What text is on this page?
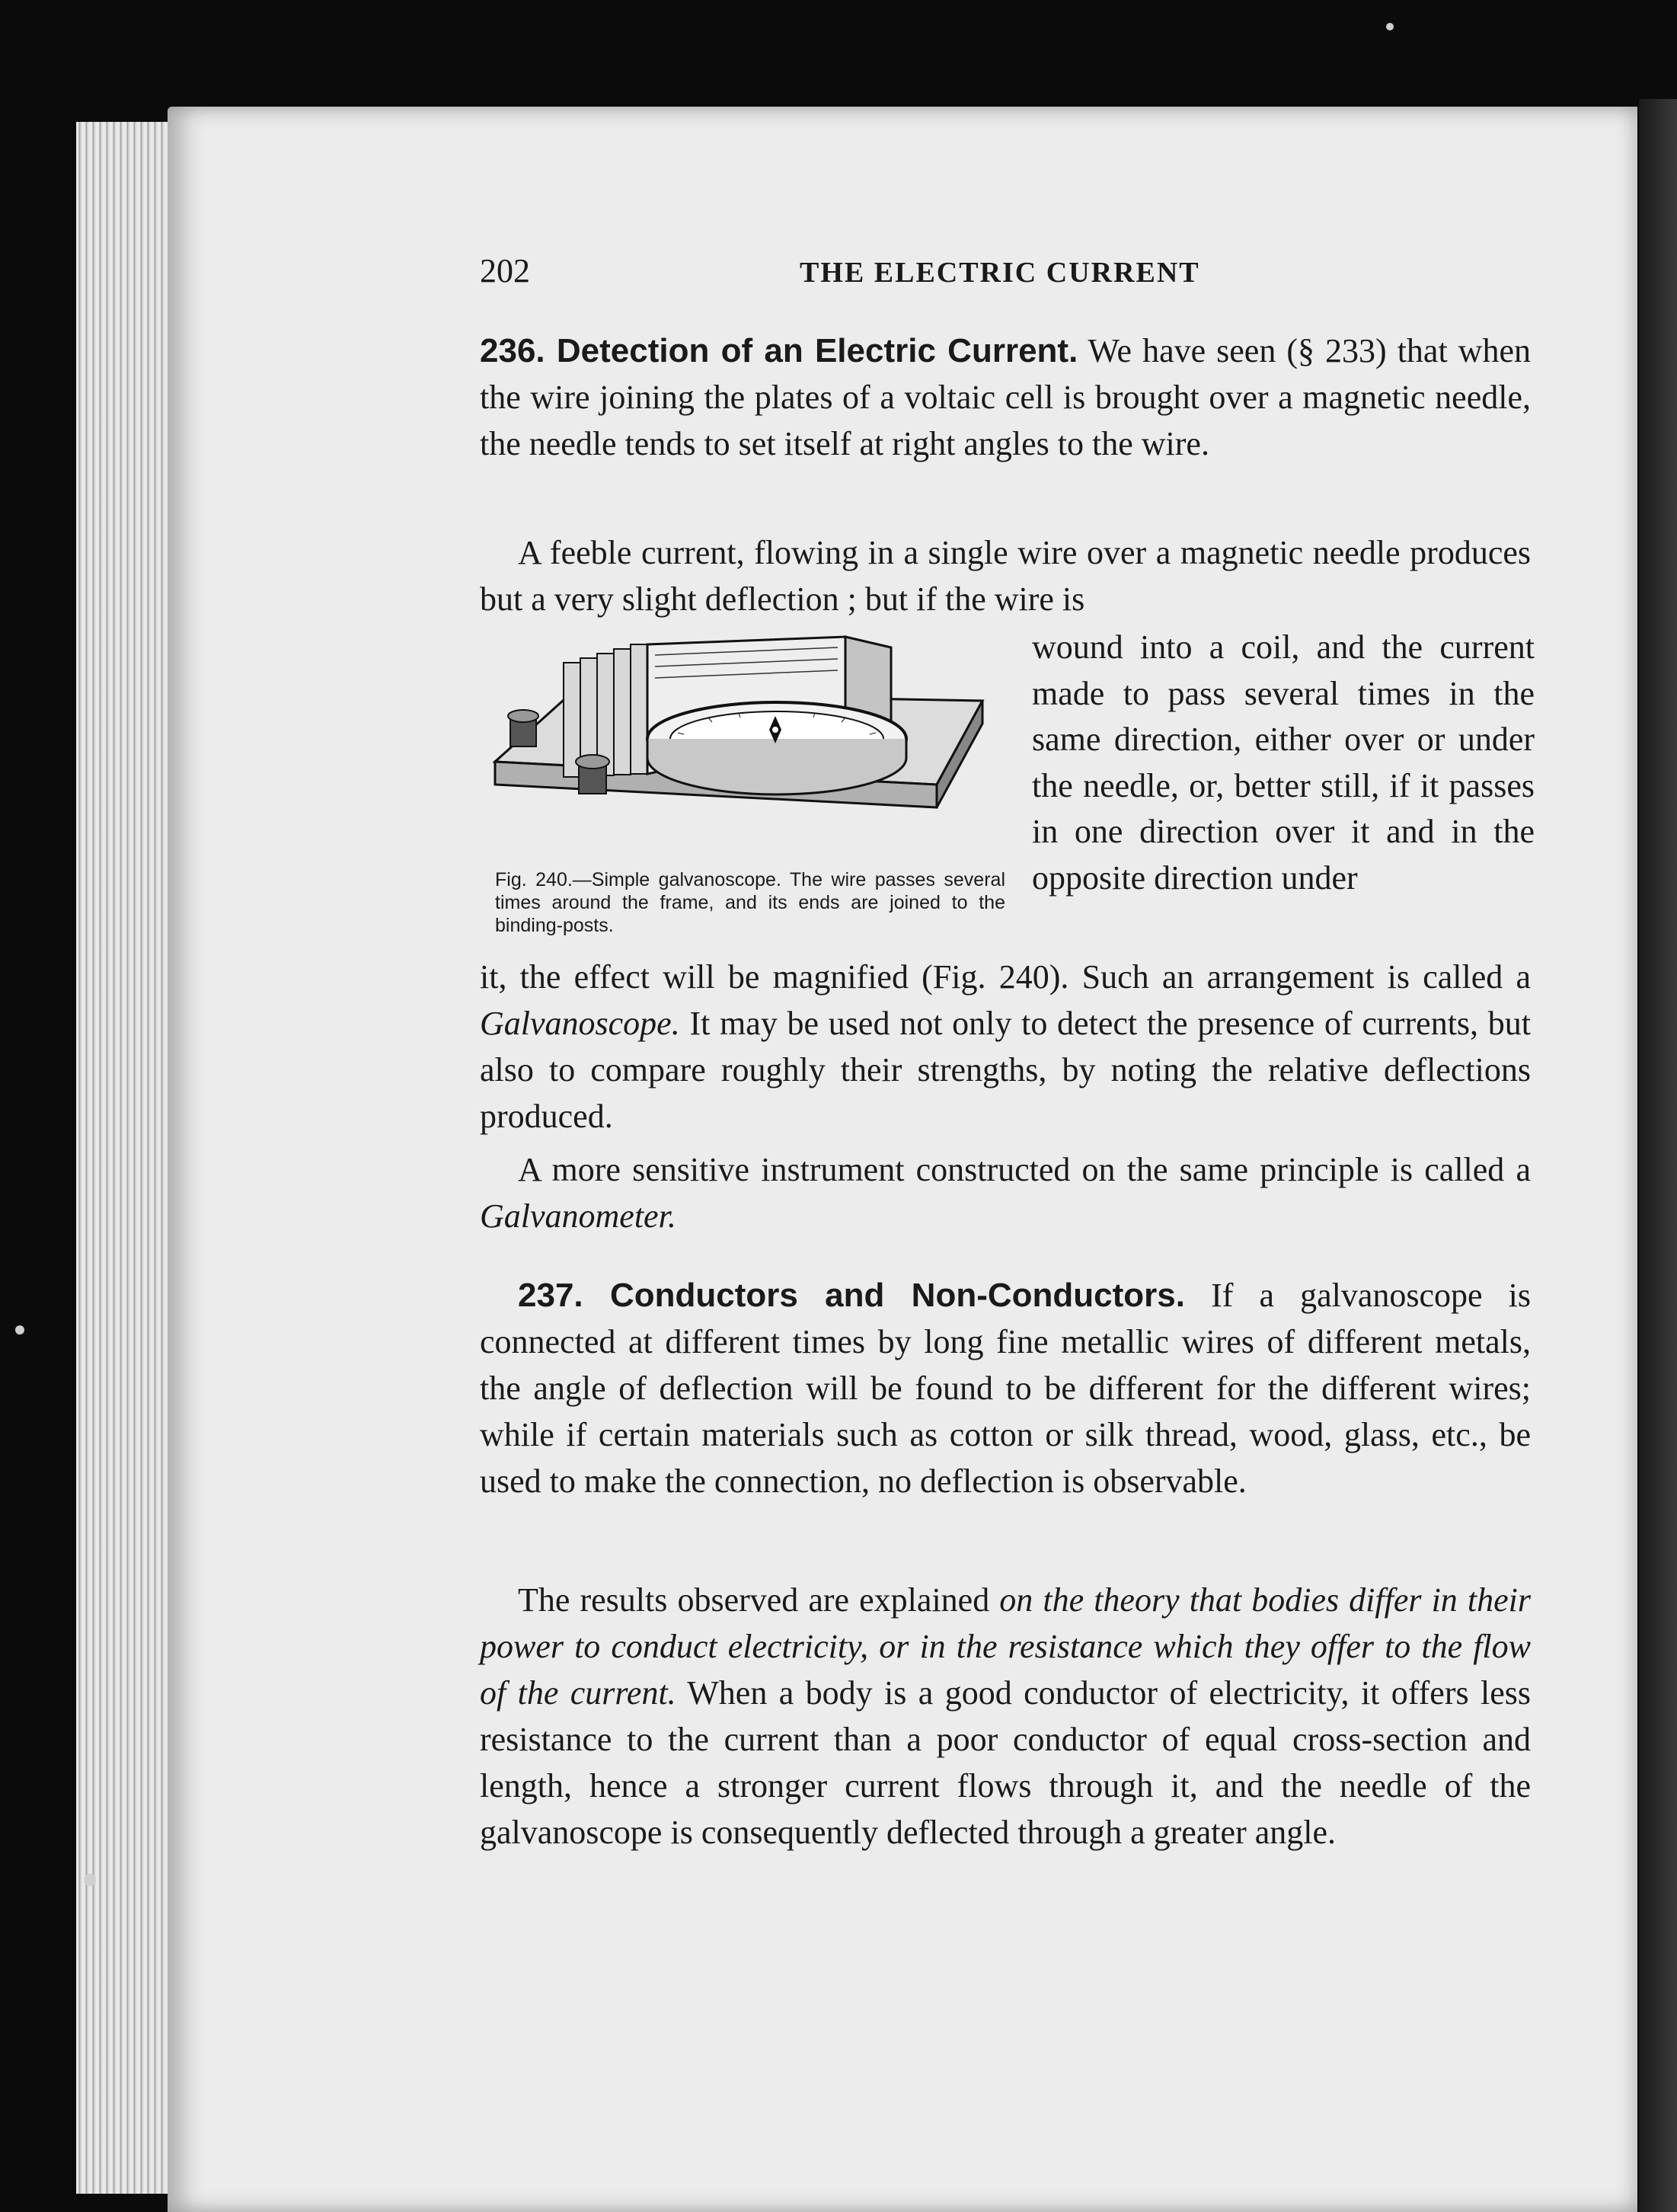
202	THE ELECTRIC CURRENT

236. Detection of an Electric Current. We have seen (§ 233) that when the wire joining the plates of a voltaic cell is brought over a magnetic needle, the needle tends to set itself at right angles to the wire.

A feeble current, flowing in a single wire over a magnetic needle produces but a very slight deflection ; but if the wire is

Fig. 240.—Simple galvanoscope. The wire passes several times around the frame, and its ends are joined to the binding-posts.
wound into a coil, and the current made to pass several times in the same direction, either over or under the needle, or, better still, if it passes in one direction over it and in the opposite direction under

it, the effect will be magnified (Fig. 240). Such an arrangement is called a Galvanoscope. It may be used not only to detect the presence of currents, but also to compare roughly their strengths, by noting the relative deflections produced.

A more sensitive instrument constructed on the same principle is called a Galvanometer.

237. Conductors and Non-Conductors. If a galvanoscope is connected at different times by long fine metallic wires of different metals, the angle of deflection will be found to be different for the different wires; while if certain materials such as cotton or silk thread, wood, glass, etc., be used to make the connection, no deflection is observable.

The results observed are explained on the theory that bodies differ in their power to conduct electricity, or in the resistance which they offer to the flow of the current. When a body is a good conductor of electricity, it offers less resistance to the current than a poor conductor of equal cross-section and length, hence a stronger current flows through it, and the needle of the galvanoscope is consequently deflected through a greater angle.
